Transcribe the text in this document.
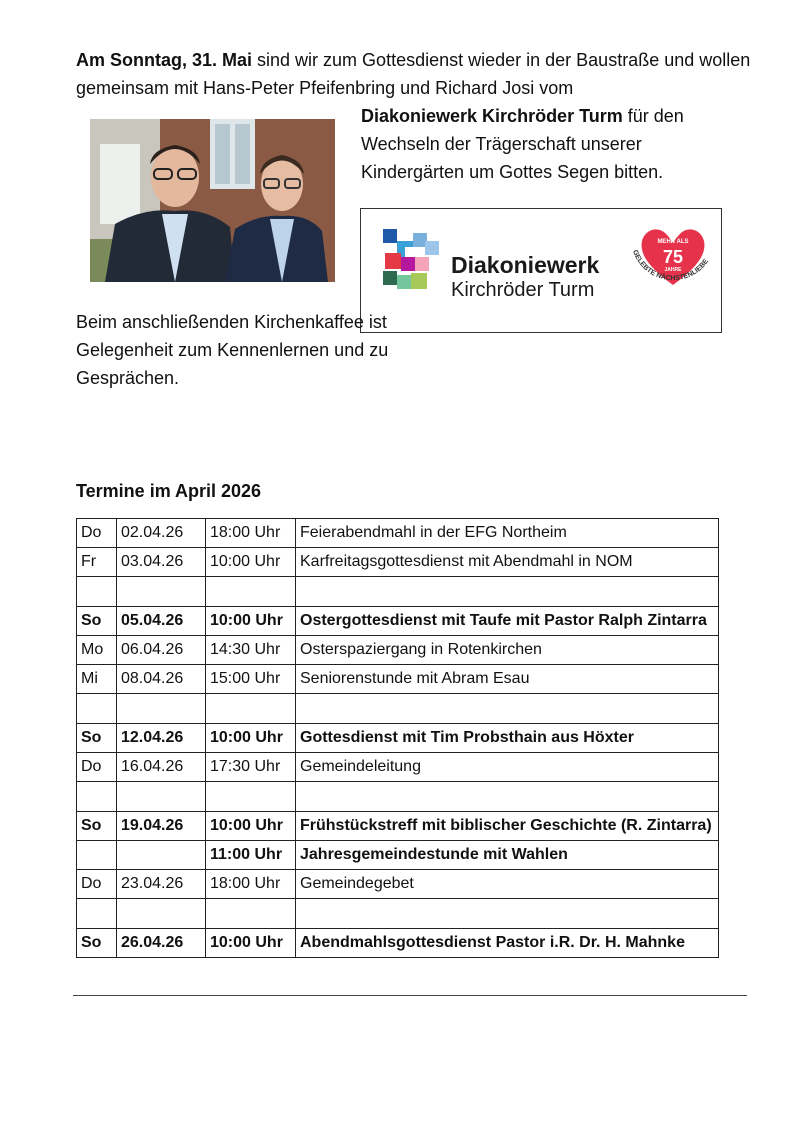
Am Sonntag, 31. Mai sind wir zum Gottesdienst wieder in der Baustraße und wollen gemeinsam mit Hans-Peter Pfeifenbring und Richard Josi vom
Diakoniewerk Kirchröder Turm für den Wechseln der Trägerschaft unserer Kindergärten um Gottes Segen bitten.
Diakoniewerk
Kirchröder Turm
MEHR ALS
75
JAHRE
GELEBTE NÄCHSTENLIEBE
Beim anschließenden Kirchenkaffee ist Gelegenheit zum Kennenlernen und zu Gesprächen.
Termine im April 2026
Do	02.04.26	18:00 Uhr	Feierabendmahl in der EFG Northeim
Fr	03.04.26	10:00 Uhr	Karfreitagsgottesdienst mit Abendmahl in NOM

So	05.04.26	10:00 Uhr	Ostergottesdienst mit Taufe mit Pastor Ralph Zintarra
Mo	06.04.26	14:30 Uhr	Osterspaziergang in Rotenkirchen
Mi	08.04.26	15:00 Uhr	Seniorenstunde mit Abram Esau

So	12.04.26	10:00 Uhr	Gottesdienst mit Tim Probsthain aus Höxter
Do	16.04.26	17:30 Uhr	Gemeindeleitung

So	19.04.26	10:00 Uhr	Frühstückstreff mit biblischer Geschichte (R. Zintarra)
		11:00 Uhr	Jahresgemeindestunde mit Wahlen
Do	23.04.26	18:00 Uhr	Gemeindegebet

So	26.04.26	10:00 Uhr	Abendmahlsgottesdienst Pastor i.R. Dr. H. Mahnke
